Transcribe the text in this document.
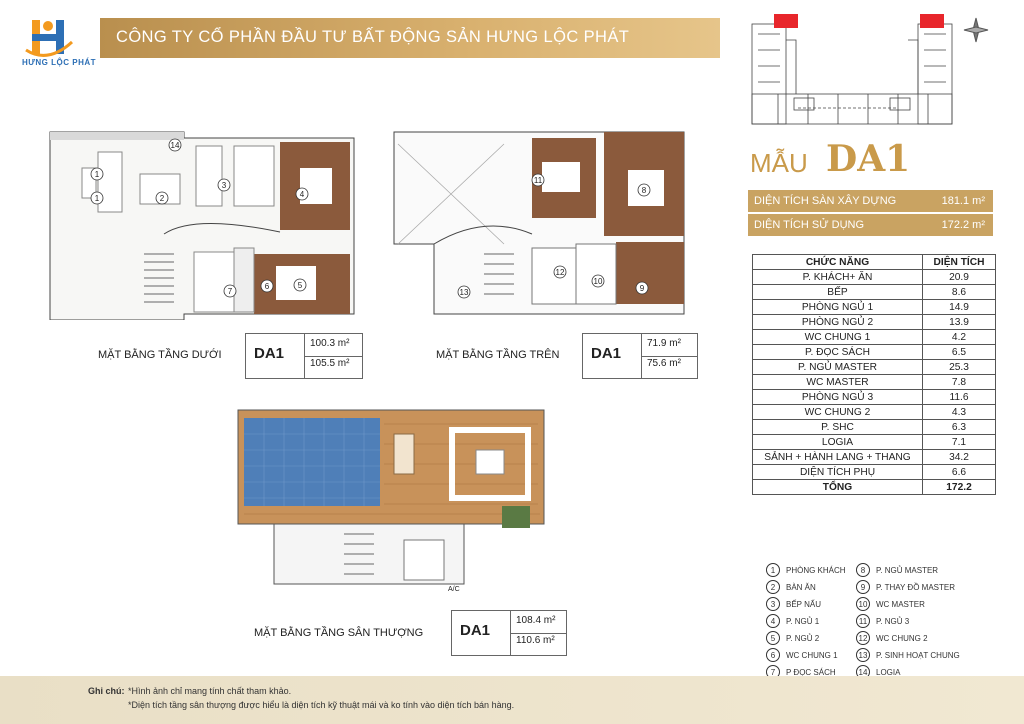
HƯNG LỘC PHÁT
CÔNG TY CỔ PHẦN ĐẦU TƯ BẤT ĐỘNG SẢN HƯNG LỘC PHÁT
MẪU DA1
DIỆN TÍCH SÀN XÂY DỰNG	181.1 m²
DIỆN TÍCH SỬ DỤNG	172.2 m²
CHỨC NĂNG	DIỆN TÍCH
P. KHÁCH+ ĂN	20.9
BẾP	8.6
PHÒNG NGỦ 1	14.9
PHÒNG NGỦ 2	13.9
WC CHUNG 1	4.2
P. ĐỌC SÁCH	6.5
P. NGỦ MASTER	25.3
WC MASTER	7.8
PHÒNG NGỦ 3	11.6
WC CHUNG 2	4.3
P. SHC	6.3
LOGIA	7.1
SẢNH + HÀNH LANG + THANG	34.2
DIỆN TÍCH PHỤ	6.6
TỔNG	172.2
1	PHÒNG KHÁCH
2	BÀN ĂN
3	BẾP NẤU
4	P. NGỦ 1
5	P. NGỦ 2
6	WC CHUNG 1
7	P ĐỌC SÁCH
8	P. NGỦ MASTER
9	P. THAY ĐỒ MASTER
10	WC MASTER
11	P. NGỦ 3
12	WC CHUNG 2
13	P. SINH HOẠT CHUNG
14	LOGIA
1
1	2
3
4
5
6
7
14
8
9
10
11
12
13
A/C
MẶT BẰNG TẦNG DƯỚI DA1
100.3 m²
105.5 m²
MẶT BẰNG TẦNG TRÊN DA1
71.9 m²
75.6 m²
MẶT BẰNG TẦNG SÂN THƯỢNG DA1
108.4 m²
110.6 m²
Ghi chú: *Hình ảnh chỉ mang tính chất tham khảo.
*Diện tích tầng sân thượng được hiểu là diện tích kỹ thuật mái và ko tính vào diện tích bán hàng.
